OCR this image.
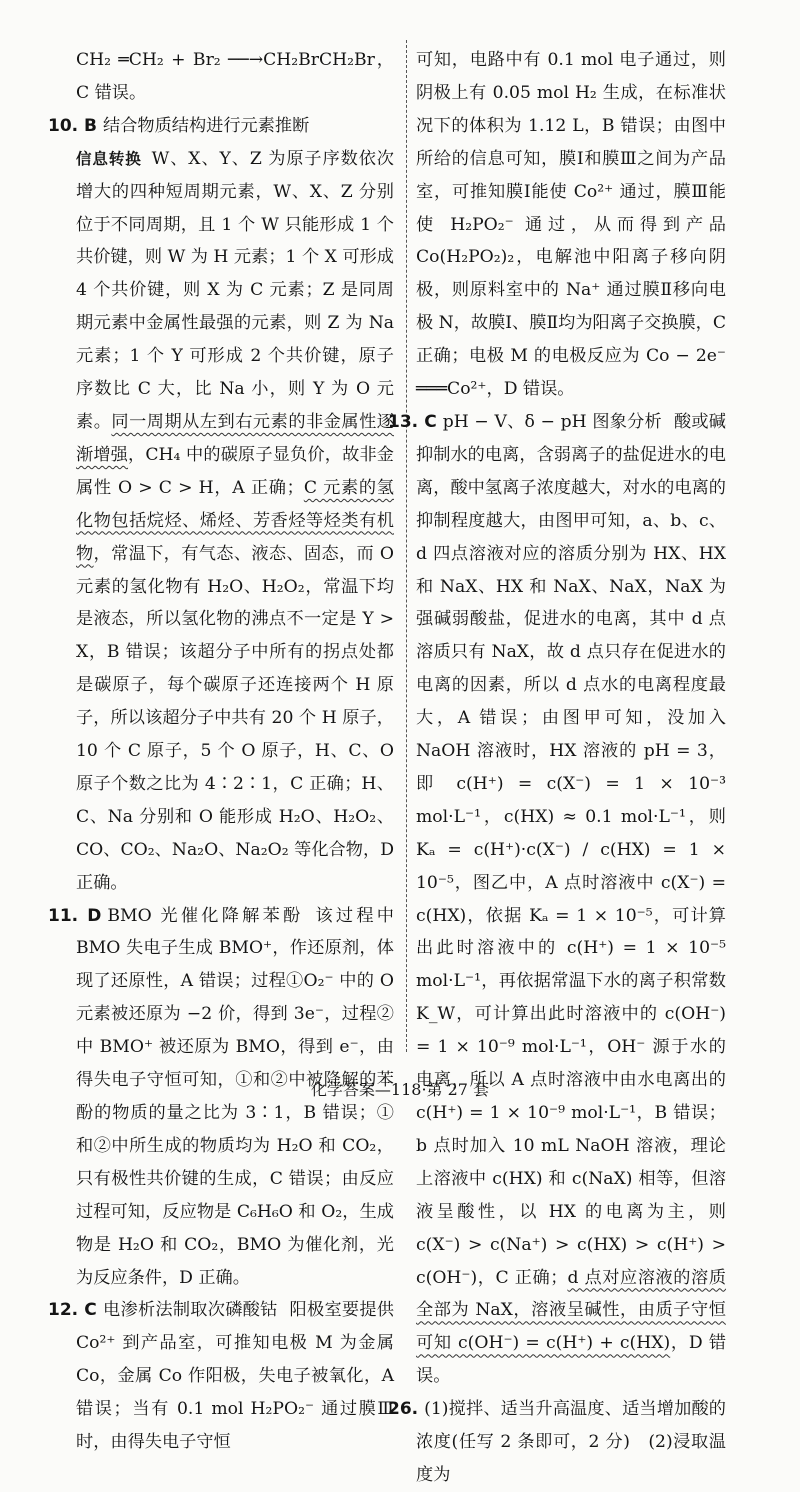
CH₂ ═CH₂ + Br₂ ──→CH₂BrCH₂Br，C 错误。

10. B 结合物质结构进行元素推断
信息转换 W、X、Y、Z 为原子序数依次增大的四种短周期元素，W、X、Z 分别位于不同周期，且 1 个 W 只能形成 1 个共价键，则 W 为 H 元素；1 个 X 可形成 4 个共价键，则 X 为 C 元素；Z 是同周期元素中金属性最强的元素，则 Z 为 Na 元素；1 个 Y 可形成 2 个共价键，原子序数比 C 大，比 Na 小，则 Y 为 O 元素。同一周期从左到右元素的非金属性逐渐增强，CH₄ 中的碳原子显负价，故非金属性 O > C > H，A 正确；C 元素的氢化物包括烷烃、烯烃、芳香烃等烃类有机物，常温下，有气态、液态、固态，而 O 元素的氢化物有 H₂O、H₂O₂，常温下均是液态，所以氢化物的沸点不一定是 Y > X，B 错误；该超分子中所有的拐点处都是碳原子，每个碳原子还连接两个 H 原子，所以该超分子中共有 20 个 H 原子，10 个 C 原子，5 个 O 原子，H、C、O 原子个数之比为 4∶2∶1，C 正确；H、C、Na 分别和 O 能形成 H₂O、H₂O₂、CO、CO₂、Na₂O、Na₂O₂ 等化合物，D 正确。

11. D BMO 光催化降解苯酚 该过程中 BMO 失电子生成 BMO⁺，作还原剂，体现了还原性，A 错误；过程①O₂⁻ 中的 O 元素被还原为 −2 价，得到 3e⁻，过程②中 BMO⁺ 被还原为 BMO，得到 e⁻，由得失电子守恒可知，①和②中被降解的苯酚的物质的量之比为 3∶1，B 错误；①和②中所生成的物质均为 H₂O 和 CO₂，只有极性共价键的生成，C 错误；由反应过程可知，反应物是 C₆H₆O 和 O₂，生成物是 H₂O 和 CO₂，BMO 为催化剂，光为反应条件，D 正确。

12. C 电渗析法制取次磷酸钴 阳极室要提供 Co²⁺ 到产品室，可推知电极 M 为金属 Co，金属 Co 作阳极，失电子被氧化，A 错误；当有 0.1 mol H₂PO₂⁻ 通过膜Ⅲ时，由得失电子守恒

可知，电路中有 0.1 mol 电子通过，则阴极上有 0.05 mol H₂ 生成，在标准状况下的体积为 1.12 L，B 错误；由图中所给的信息可知，膜Ⅰ和膜Ⅲ之间为产品室，可推知膜Ⅰ能使 Co²⁺ 通过，膜Ⅲ能使 H₂PO₂⁻ 通过，从而得到产品 Co(H₂PO₂)₂，电解池中阳离子移向阴极，则原料室中的 Na⁺ 通过膜Ⅱ移向电极 N，故膜Ⅰ、膜Ⅱ均为阳离子交换膜，C 正确；电极 M 的电极反应为 Co − 2e⁻ ═══Co²⁺，D 错误。

13. C pH − V、δ − pH 图象分析 酸或碱抑制水的电离，含弱离子的盐促进水的电离，酸中氢离子浓度越大，对水的电离的抑制程度越大，由图甲可知，a、b、c、d 四点溶液对应的溶质分别为 HX、HX 和 NaX、HX 和 NaX、NaX，NaX 为强碱弱酸盐，促进水的电离，其中 d 点溶质只有 NaX，故 d 点只存在促进水的电离的因素，所以 d 点水的电离程度最大，A 错误；由图甲可知，没加入 NaOH 溶液时，HX 溶液的 pH = 3，即 c(H⁺) = c(X⁻) = 1 × 10⁻³ mol·L⁻¹，c(HX) ≈ 0.1 mol·L⁻¹，则 Kₐ = c(H⁺)·c(X⁻) / c(HX) = 1 × 10⁻⁵，图乙中，A 点时溶液中 c(X⁻) = c(HX)，依据 Kₐ = 1 × 10⁻⁵，可计算出此时溶液中的 c(H⁺) = 1 × 10⁻⁵ mol·L⁻¹，再依据常温下水的离子积常数 K_W，可计算出此时溶液中的 c(OH⁻) = 1 × 10⁻⁹ mol·L⁻¹，OH⁻ 源于水的电离，所以 A 点时溶液中由水电离出的 c(H⁺) = 1 × 10⁻⁹ mol·L⁻¹，B 错误；b 点时加入 10 mL NaOH 溶液，理论上溶液中 c(HX) 和 c(NaX) 相等，但溶液呈酸性，以 HX 的电离为主，则 c(X⁻) > c(Na⁺) > c(HX) > c(H⁺) > c(OH⁻)，C 正确；d 点对应溶液的溶质全部为 NaX，溶液呈碱性，由质子守恒可知 c(OH⁻) = c(H⁺) + c(HX)，D 错误。

26. (1)搅拌、适当升高温度、适当增加酸的浓度(任写 2 条即可，2 分)　(2)浸取温度为

化学答案—118·第 27 套
